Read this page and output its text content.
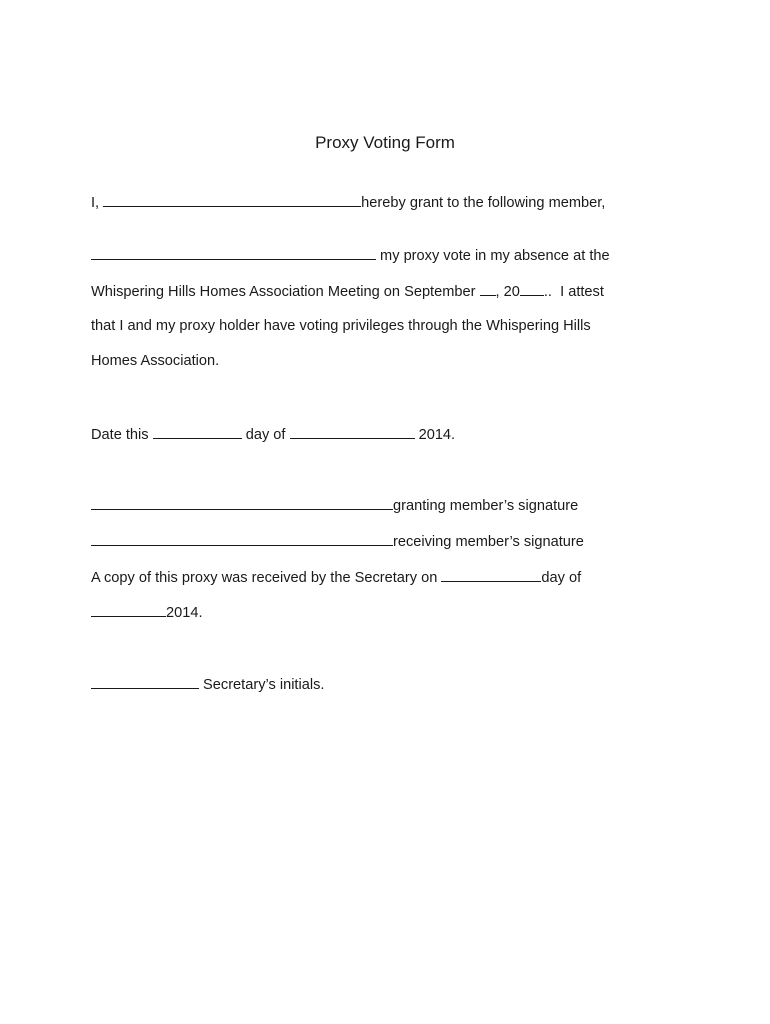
Proxy Voting Form
I,	hereby grant to the following member,
my proxy vote in my absence at the
Whispering Hills Homes Association Meeting on September , 20 ..  I attest
that I and my proxy holder have voting privileges through the Whispering Hills
Homes Association.
Date this	day of	2014.
granting member’s signature
receiving member’s signature
A copy of this proxy was received by the Secretary on	day of
2014.
Secretary’s initials.
